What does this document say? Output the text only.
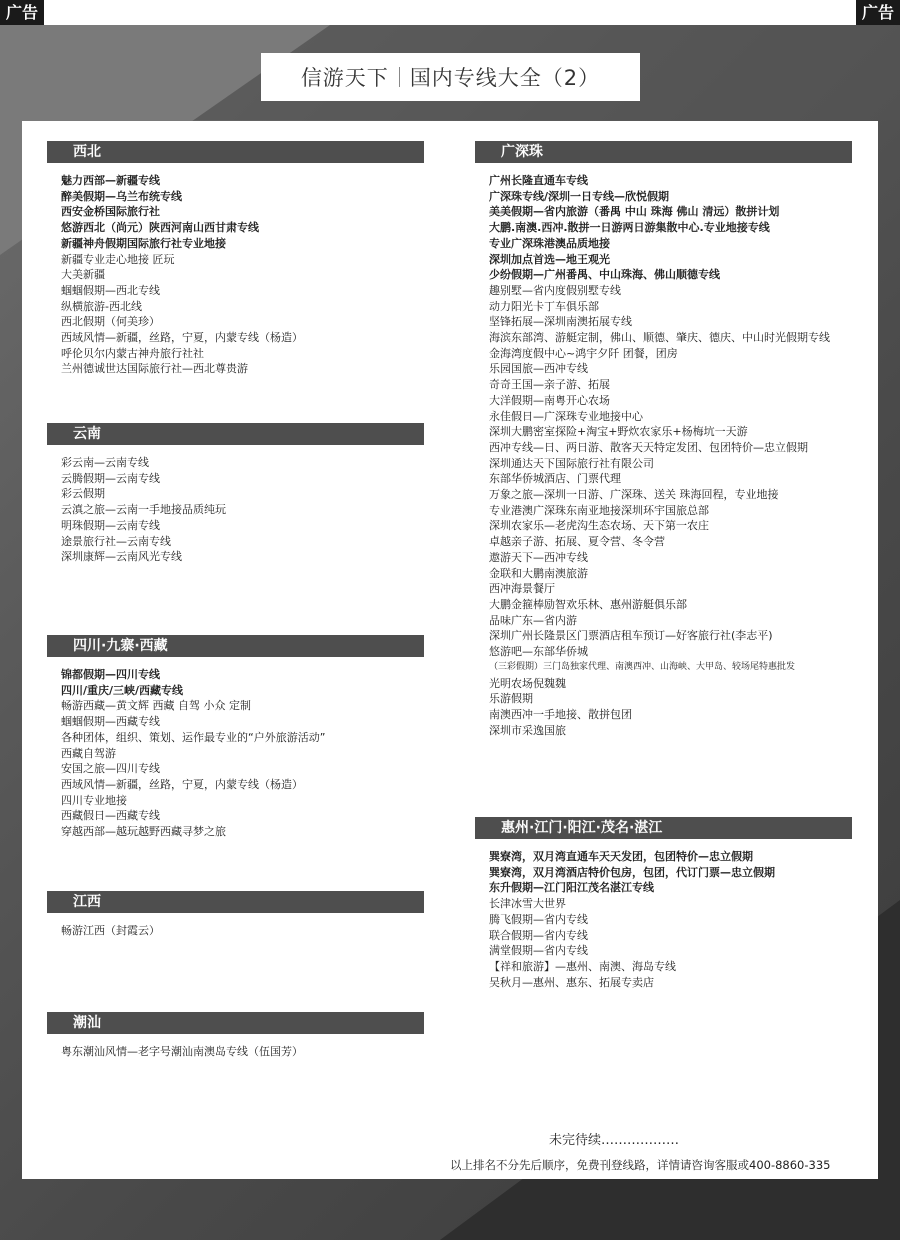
广告	广告
信游天下 国内专线大全（2）
西北
魅力西部—新疆专线
醉美假期—乌兰布统专线
西安金桥国际旅行社
悠游西北（尚元）陕西河南山西甘肃专线
新疆神舟假期国际旅行社专业地接
新疆专业走心地接 匠玩
大美新疆
蝈蝈假期—西北专线
纵横旅游-西北线
西北假期（何美珍）
西域风情—新疆，丝路，宁夏，内蒙专线（杨造）
呼伦贝尔内蒙古神舟旅行社社
兰州德诚世达国际旅行社—西北尊贵游
云南
彩云南—云南专线
云腾假期—云南专线
彩云假期
云滇之旅—云南一手地接品质纯玩
明珠假期—云南专线
途景旅行社—云南专线
深圳康辉—云南风光专线
四川·九寨·西藏
锦都假期—四川专线
四川/重庆/三峡/西藏专线
畅游西藏—黄文辉 西藏 自驾 小众 定制
蝈蝈假期—西藏专线
各种团体，组织、策划、运作最专业的“户外旅游活动”
西藏自驾游
安国之旅—四川专线
西域风情—新疆，丝路，宁夏，内蒙专线（杨造）
四川专业地接
西藏假日—西藏专线
穿越西部—越玩越野西藏寻梦之旅
江西
畅游江西（封霞云）
潮汕
粤东潮汕风情—老字号潮汕南澳岛专线（伍国芳）
广深珠
广州长隆直通车专线
广深珠专线/深圳一日专线—欣悦假期
美美假期—省内旅游（番禺 中山 珠海 佛山 清远）散拼计划
大鹏.南澳.西冲.散拼一日游两日游集散中心.专业地接专线
专业广深珠港澳品质地接
深圳加点首选—地王观光
少纷假期—广州番禺、中山珠海、佛山顺德专线
趣别墅—省内度假别墅专线
动力阳光卡丁车俱乐部
坚锋拓展—深圳南澳拓展专线
海滨东部湾、游艇定制，佛山、顺德、肇庆、德庆、中山时光假期专线
金海湾度假中心~鸿宇夕阡 团餐，团房
乐园国旅—西冲专线
奇奇王国—亲子游、拓展
大洋假期—南粤开心农场
永佳假日—广深珠专业地接中心
深圳大鹏密室探险+淘宝+野炊农家乐+杨梅坑一天游
西冲专线—日、两日游、散客天天特定发团、包团特价—忠立假期
深圳通达天下国际旅行社有限公司
东部华侨城酒店、门票代理
万象之旅—深圳一日游、广深珠、送关 珠海回程，专业地接
专业港澳广深珠东南亚地接深圳环宇国旅总部
深圳农家乐—老虎沟生态农场、天下第一农庄
卓越亲子游、拓展、夏令营、冬令营
遨游天下—西冲专线
金联和大鹏南澳旅游
西冲海景餐厅
大鹏金箍棒励智欢乐林、惠州游艇俱乐部
品味广东—省内游
深圳广州长隆景区门票酒店租车预订—好客旅行社(李志平)
悠游吧—东部华侨城
（三彩假期）三门岛独家代理、南澳西冲、山海峡、大甲岛、较场尾特惠批发
光明农场倪魏魏
乐游假期
南澳西冲一手地接、散拼包团
深圳市采逸国旅
惠州·江门·阳江·茂名·湛江
巽寮湾，双月湾直通车天天发团，包团特价—忠立假期
巽寮湾，双月湾酒店特价包房，包团，代订门票—忠立假期
东升假期—江门阳江茂名湛江专线
长津冰雪大世界
腾飞假期—省内专线
联合假期—省内专线
满堂假期—省内专线
【祥和旅游】—惠州、南澳、海岛专线
吴秋月—惠州、惠东、拓展专卖店
未完待续………………
以上排名不分先后顺序，免费刊登线路，详情请咨询客服或400-8860-335
